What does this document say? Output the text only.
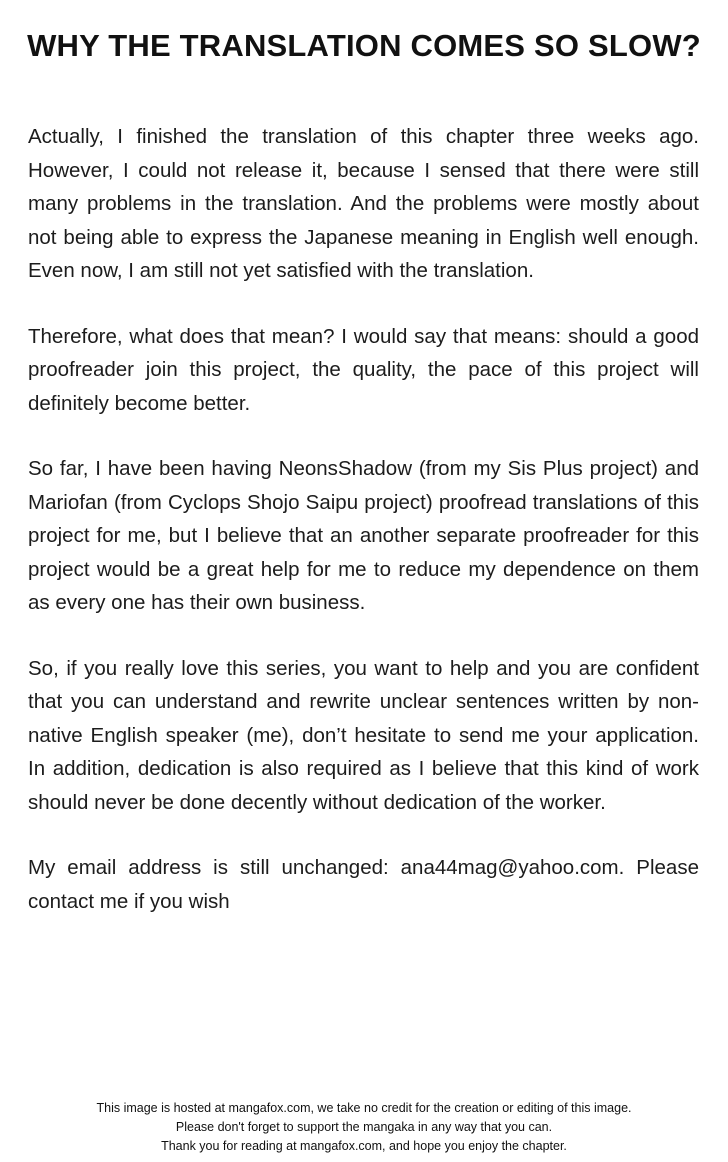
WHY THE TRANSLATION COMES SO SLOW?

Actually, I finished the translation of this chapter three weeks ago. However, I could not release it, because I sensed that there were still many problems in the translation. And the problems were mostly about not being able to express the Japanese meaning in English well enough. Even now, I am still not yet satisfied with the translation.

Therefore, what does that mean? I would say that means: should a good proofreader join this project, the quality, the pace of this project will definitely become better.

So far, I have been having NeonsShadow (from my Sis Plus project) and Mariofan (from Cyclops Shojo Saipu project) proofread translations of this project for me, but I believe that an another separate proofreader for this project would be a great help for me to reduce my dependence on them as every one has their own business.

So, if you really love this series, you want to help and you are confident that you can understand and rewrite unclear sentences written by non-native English speaker (me), don’t hesitate to send me your application. In addition, dedication is also required as I believe that this kind of work should never be done decently without dedication of the worker.

My email address is still unchanged: ana44mag@yahoo.com. Please contact me if you wish

This image is hosted at mangafox.com, we take no credit for the creation or editing of this image.
Please don't forget to support the mangaka in any way that you can.
Thank you for reading at mangafox.com, and hope you enjoy the chapter.
